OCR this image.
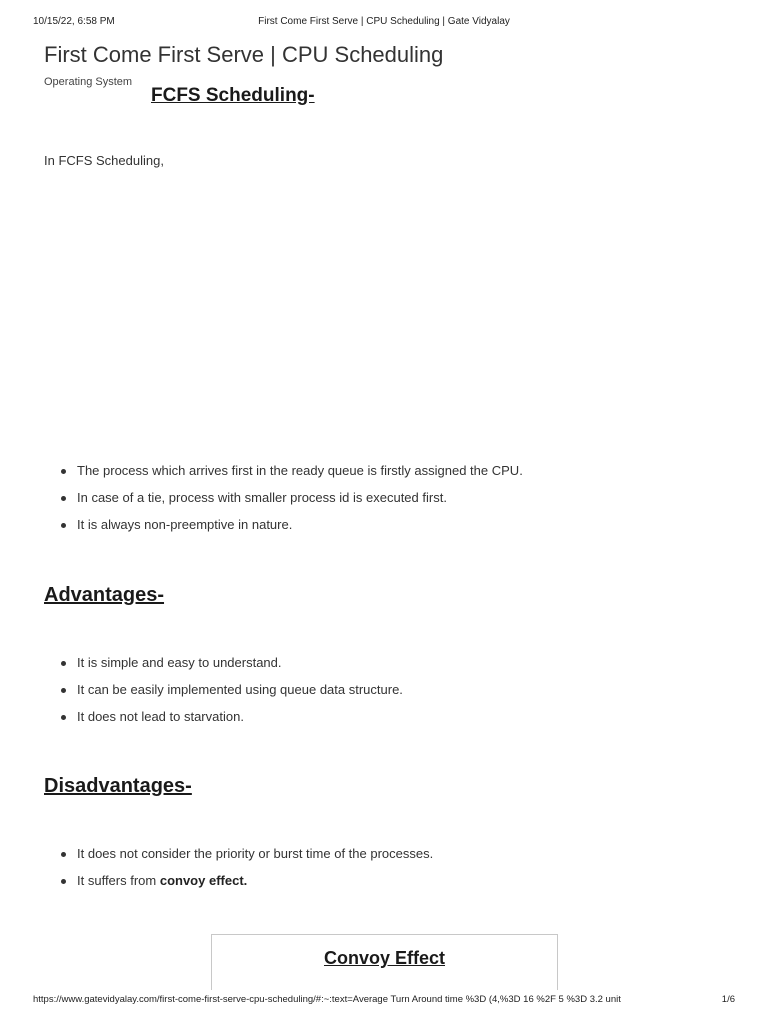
10/15/22, 6:58 PM	First Come First Serve | CPU Scheduling | Gate Vidyalay
First Come First Serve | CPU Scheduling
Operating System
FCFS Scheduling-

In FCFS Scheduling,

The process which arrives first in the ready queue is firstly assigned the CPU.
In case of a tie, process with smaller process id is executed first.
It is always non-preemptive in nature.
Advantages-
It is simple and easy to understand.
It can be easily implemented using queue data structure.
It does not lead to starvation.
Disadvantages-
It does not consider the priority or burst time of the processes.
It suffers from convoy effect.
Convoy Effect
https://www.gatevidyalay.com/first-come-first-serve-cpu-scheduling/#:~:text=Average Turn Around time %3D (4,%3D 16 %2F 5 %3D 3.2 unit	1/6
